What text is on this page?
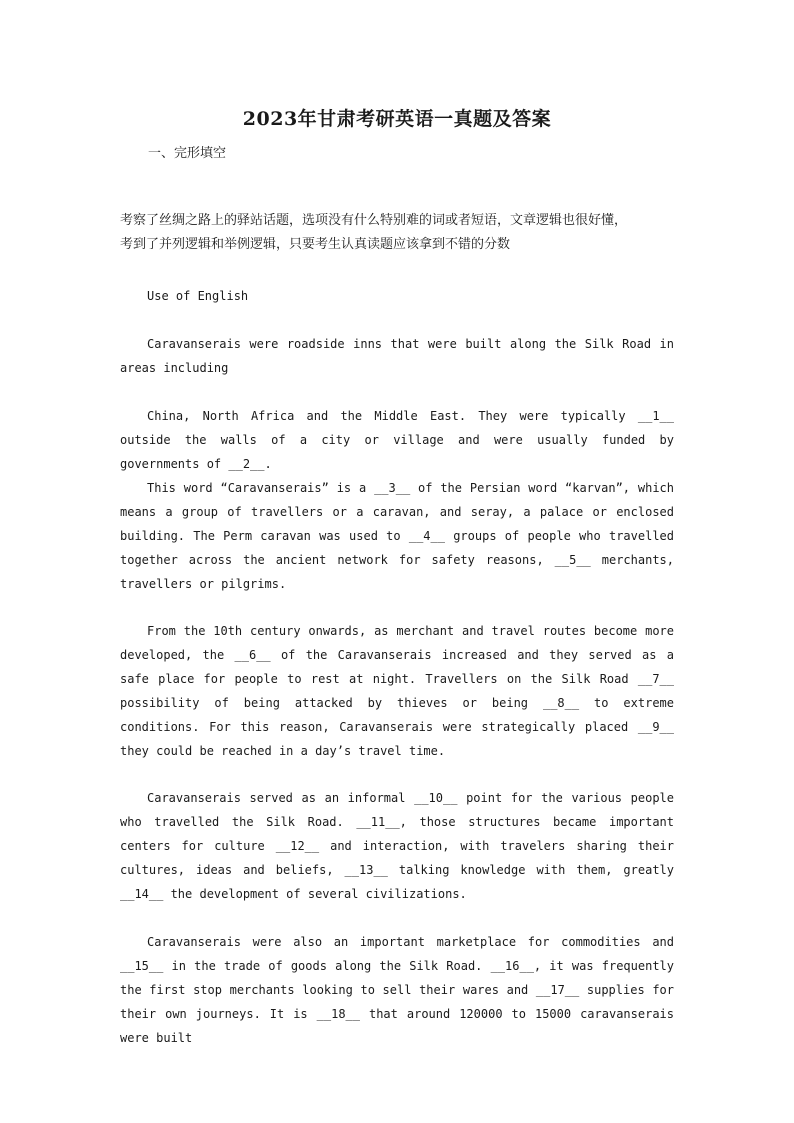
2023年甘肃考研英语一真题及答案
一、完形填空
考察了丝绸之路上的驿站话题，选项没有什么特别难的词或者短语，文章逻辑也很好懂，
考到了并列逻辑和举例逻辑，只要考生认真读题应该拿到不错的分数
Use of English
Caravanserais were roadside inns that were built along the Silk Road in areas including
China, North Africa and the Middle East. They were typically __1__ outside the walls of a city or village and were usually funded by governments of __2__.
This word “Caravanserais” is a __3__ of the Persian word “karvan”, which means a group of travellers or a caravan, and seray, a palace or enclosed building. The Perm caravan was used to __4__ groups of people who travelled together across the ancient network for safety reasons, __5__ merchants, travellers or pilgrims.
From the 10th century onwards, as merchant and travel routes become more developed, the __6__ of the Caravanserais increased and they served as a safe place for people to rest at night. Travellers on the Silk Road __7__ possibility of being attacked by thieves or being __8__ to extreme conditions. For this reason, Caravanserais were strategically placed __9__ they could be reached in a day’s travel time.
Caravanserais served as an informal __10__ point for the various people who travelled the Silk Road. __11__, those structures became important centers for culture __12__ and interaction, with travelers sharing their cultures, ideas and beliefs, __13__ talking knowledge with them, greatly __14__ the development of several civilizations.
Caravanserais were also an important marketplace for commodities and __15__ in the trade of goods along the Silk Road. __16__, it was frequently the first stop merchants looking to sell their wares and __17__ supplies for their own journeys. It is __18__ that around 120000 to 15000 caravanserais were built
